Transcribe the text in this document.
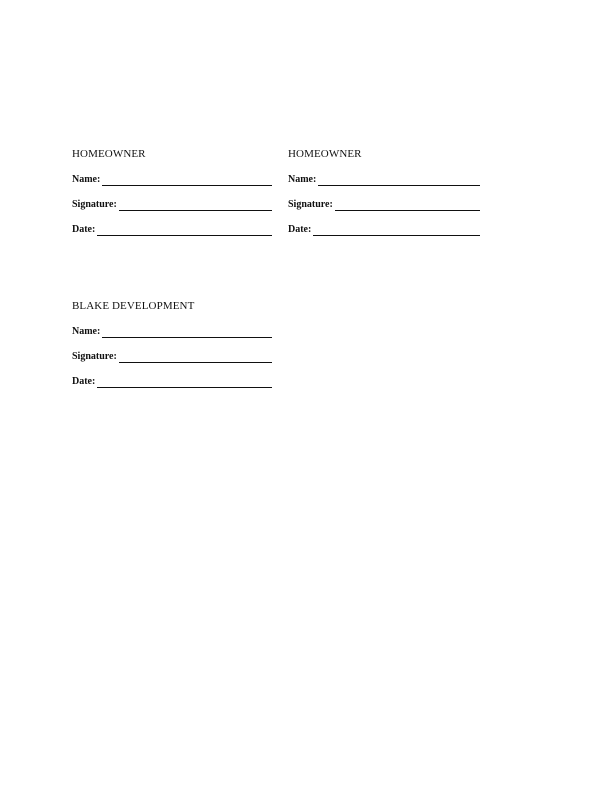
HOMEOWNER
Name:
Signature:
Date:
HOMEOWNER
Name:
Signature:
Date:
BLAKE DEVELOPMENT
Name:
Signature:
Date:
